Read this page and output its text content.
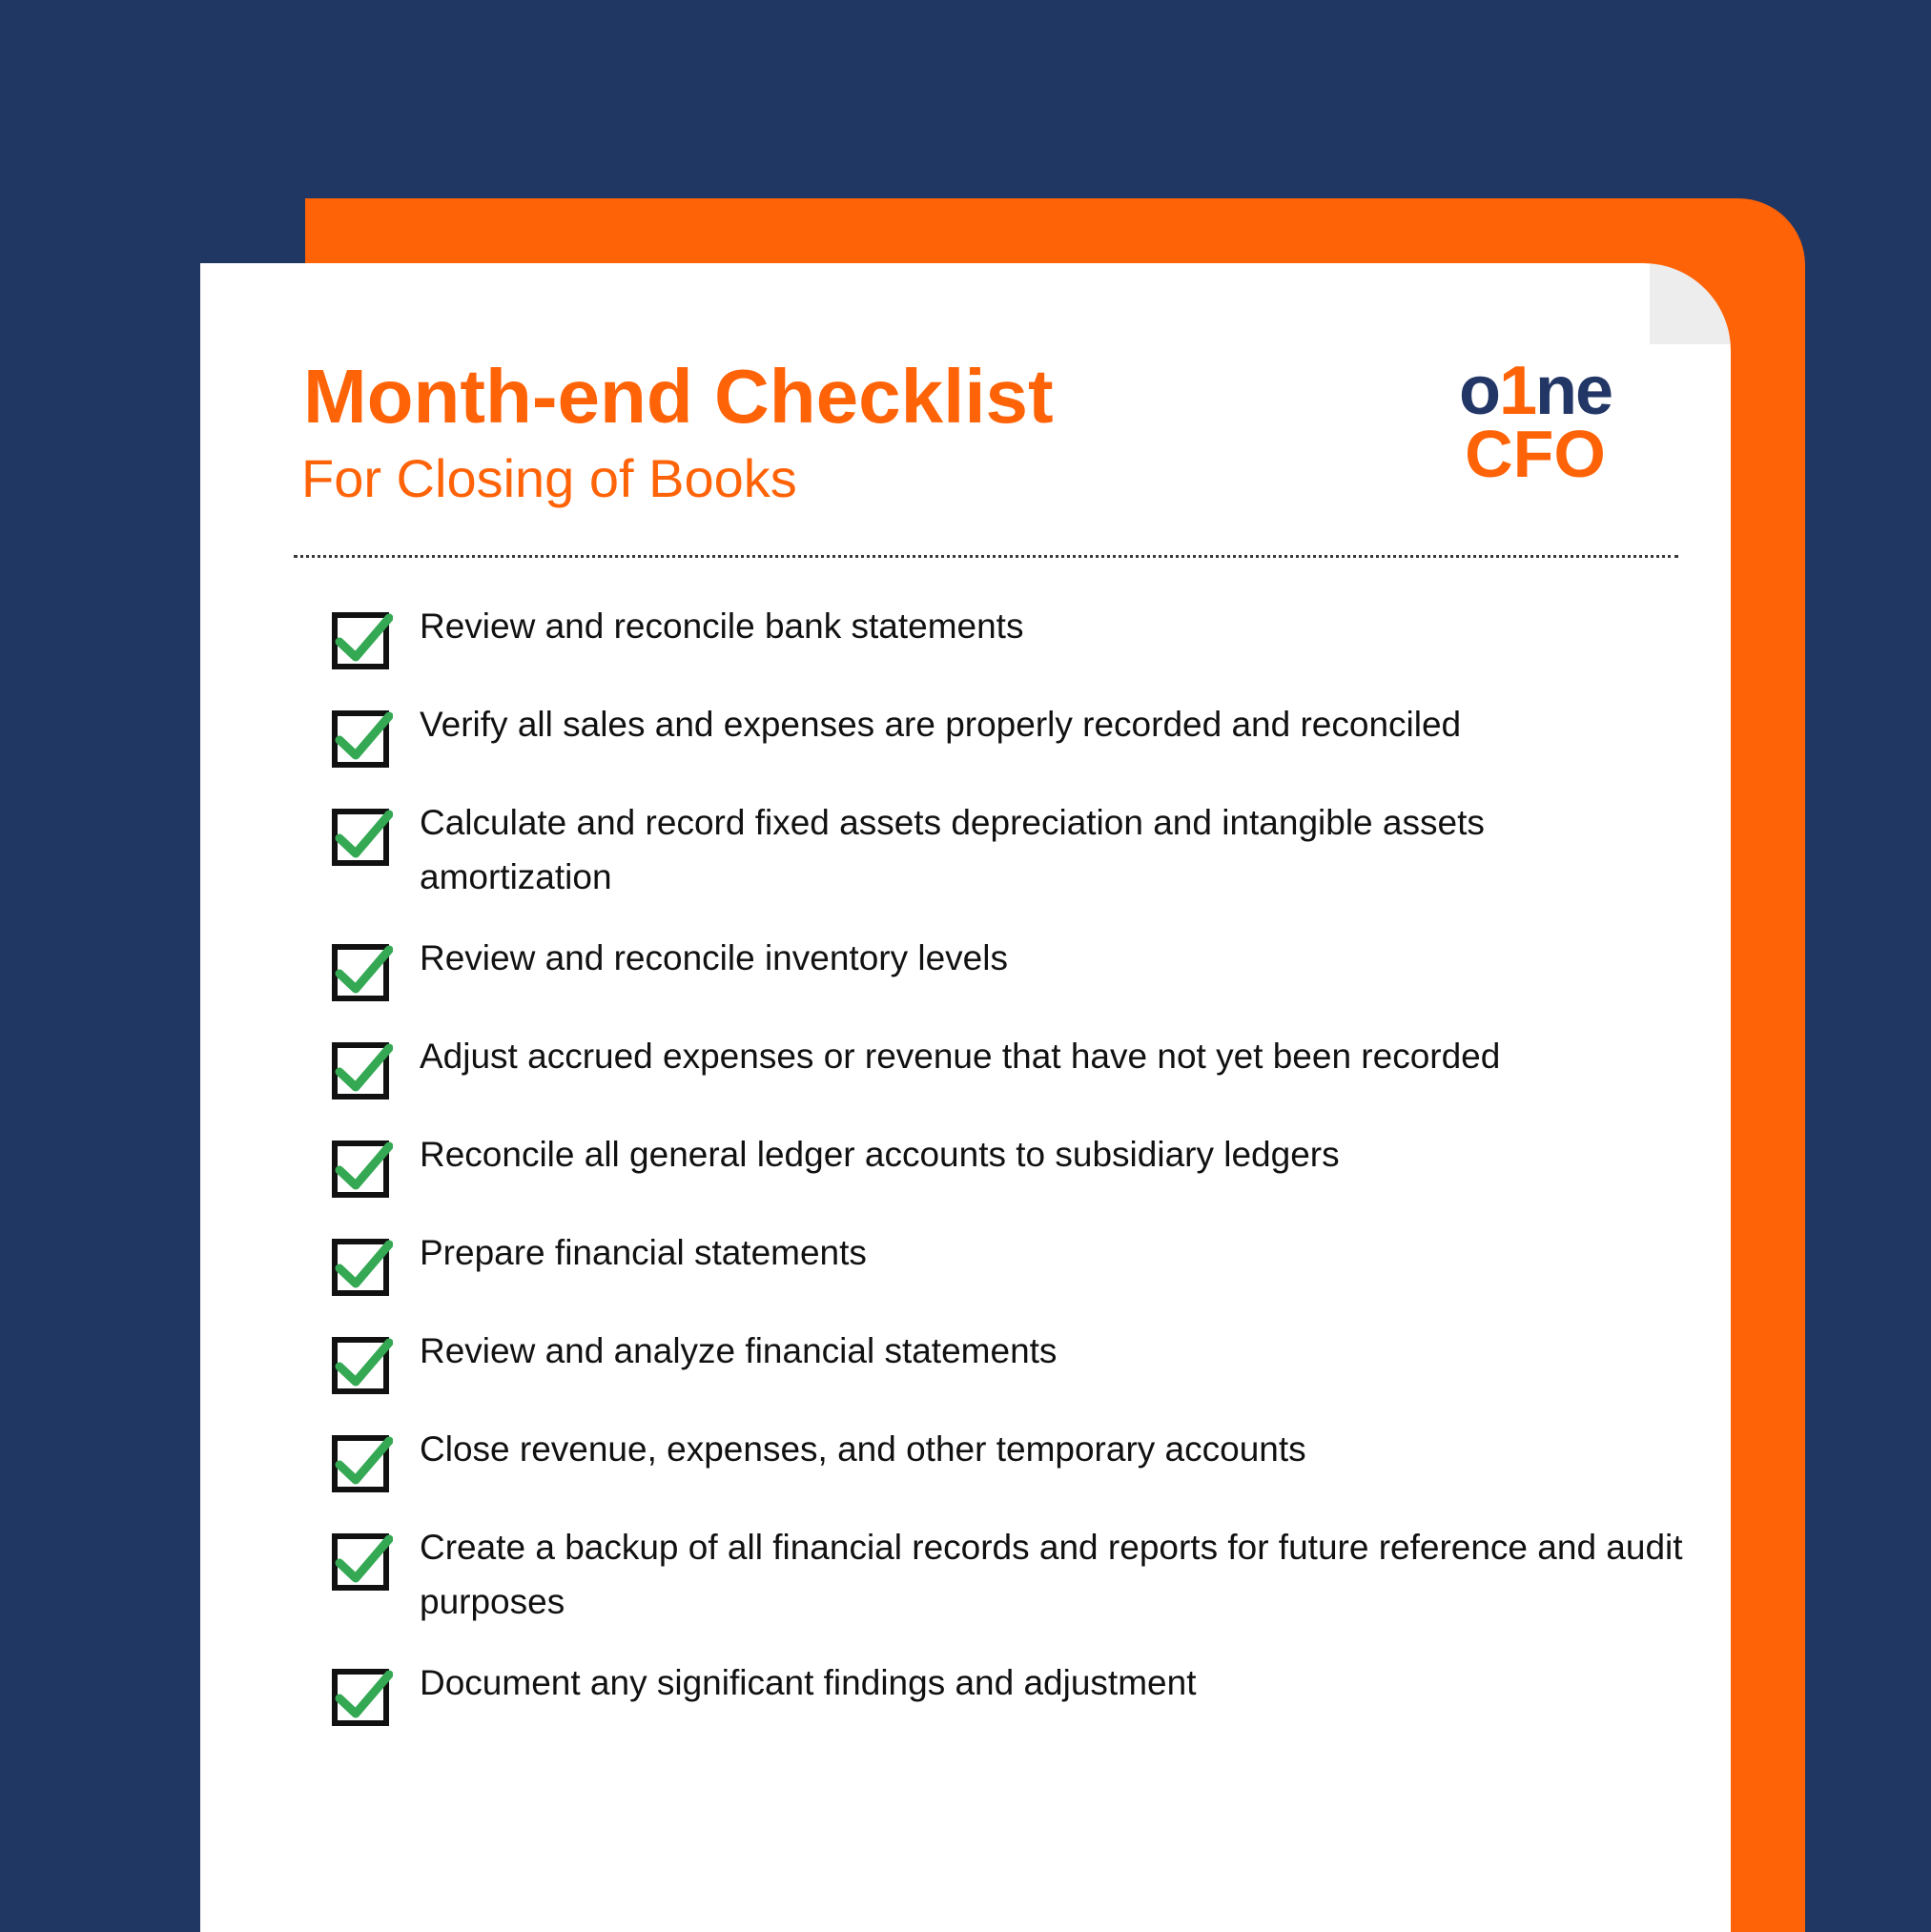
Month-end Checklist
For Closing of Books
o1ne
CFO
Review and reconcile bank statements
Verify all sales and expenses are properly recorded and reconciled
Calculate and record fixed assets depreciation and intangible assets amortization
Review and reconcile inventory levels
Adjust accrued expenses or revenue that have not yet been recorded
Reconcile all general ledger accounts to subsidiary ledgers
Prepare financial statements
Review and analyze financial statements
Close revenue, expenses, and other temporary accounts
Create a backup of all financial records and reports for future reference and audit purposes
Document any significant findings and adjustment
